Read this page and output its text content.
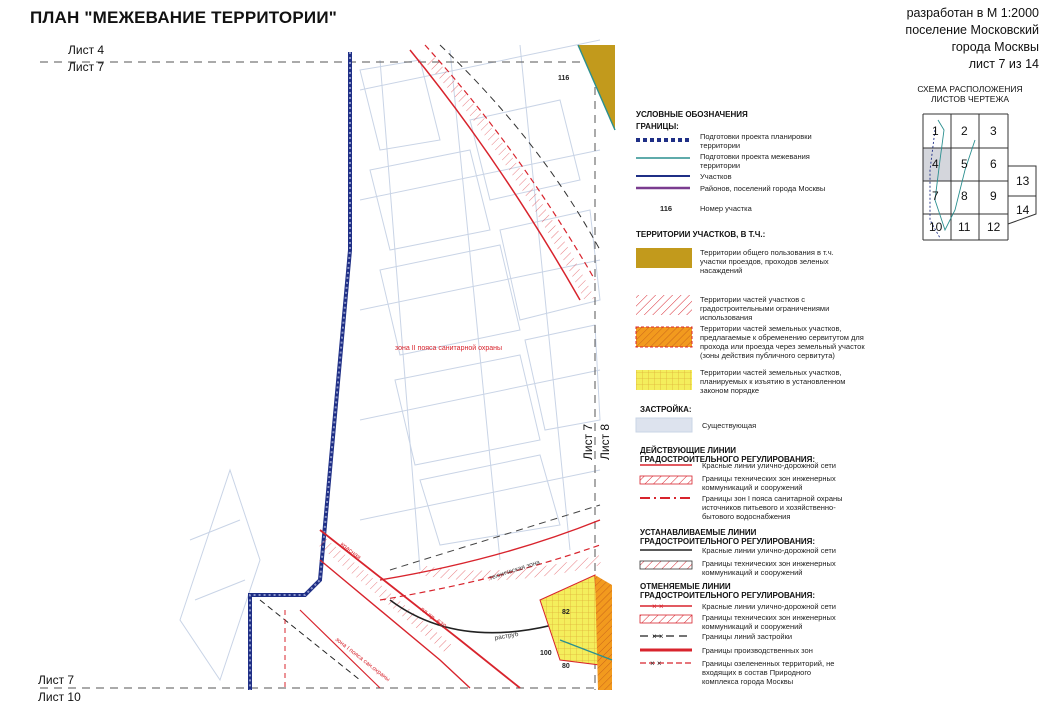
ПЛАН "МЕЖЕВАНИЕ ТЕРРИТОРИИ"	разработан в М 1:2000
поселение Московский
города Москвы
лист 7 из 14
зона II пояса санитарной охраны
116
82
100
80
красная
пл.пр. 639
техническая зона
зона I пояса сан.охраны
раструб
Лист 7 Лист 8
× ×
× ×
× ×
Лист 4
Лист 7
Лист 7
Лист 10
УСЛОВНЫЕ ОБОЗНАЧЕНИЯ
ГРАНИЦЫ:
Подготовки проекта планировки территории
Подготовки проекта межевания территории
Участков
Районов, поселений города Москвы
116	Номер участка
ТЕРРИТОРИИ УЧАСТКОВ, В Т.Ч.:
Территории общего пользования в т.ч. участки проездов, проходов зеленых насаждений
Территории частей участков с градостроительными ограничениями использования
Территории частей земельных участков, предлагаемые к обременению сервитутом для прохода или проезда через земельный участок (зоны действия публичного сервитута)
Территории частей земельных участков, планируемых к изъятию в установленном законом порядке
ЗАСТРОЙКА:
Существующая
ДЕЙСТВУЮЩИЕ ЛИНИИ ГРАДОСТРОИТЕЛЬНОГО РЕГУЛИРОВАНИЯ:
Красные линии улично-дорожной сети
Границы технических зон инженерных коммуникаций и сооружений
Границы зон I пояса санитарной охраны источников питьевого и хозяйственно-бытового водоснабжения
УСТАНАВЛИВАЕМЫЕ ЛИНИИ ГРАДОСТРОИТЕЛЬНОГО РЕГУЛИРОВАНИЯ:
Красные линии улично-дорожной сети
Границы технических зон инженерных коммуникаций и сооружений
ОТМЕНЯЕМЫЕ ЛИНИИ ГРАДОСТРОИТЕЛЬНОГО РЕГУЛИРОВАНИЯ:
Красные линии улично-дорожной сети
Границы технических зон инженерных коммуникаций и сооружений
Границы линий застройки
Границы производственных зон
Границы озелененных территорий, не входящих в состав Природного комплекса города Москвы
СХЕМА РАСПОЛОЖЕНИЯ
ЛИСТОВ ЧЕРТЕЖА
1 2 3
4 5 6
7 8 9
10 11 12
13
14
